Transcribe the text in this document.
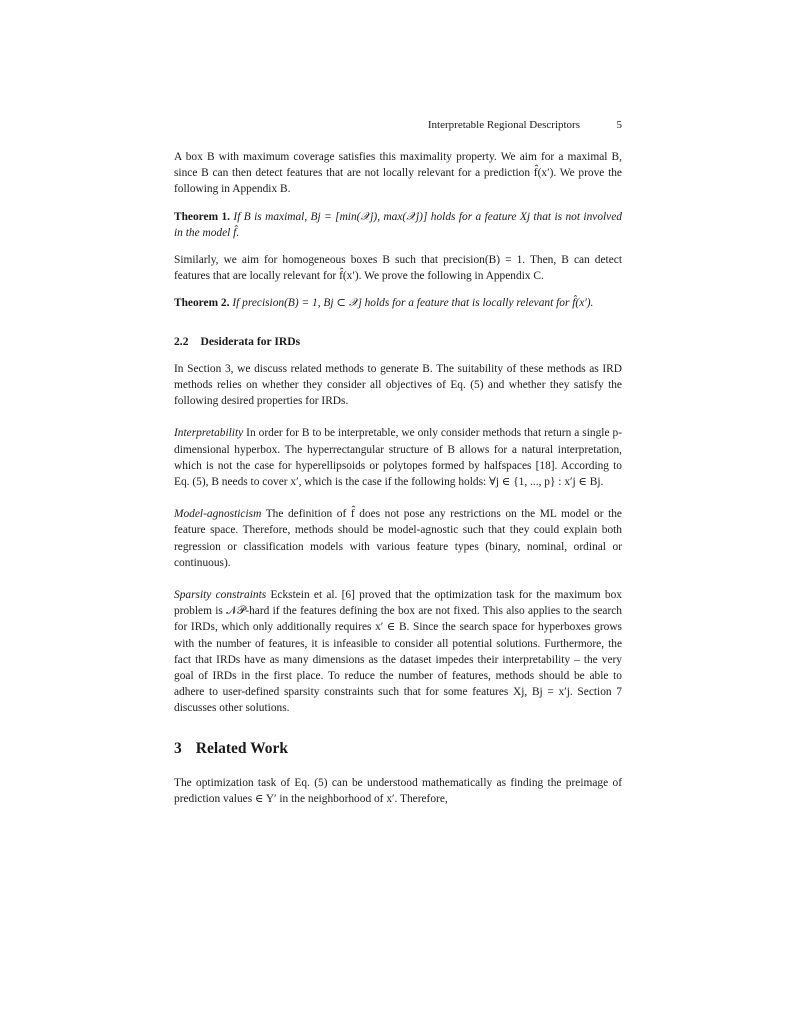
Interpretable Regional Descriptors	5

A box B with maximum coverage satisfies this maximality property. We aim for a maximal B, since B can then detect features that are not locally relevant for a prediction f̂(x′). We prove the following in Appendix B.

Theorem 1. If B is maximal, Bj = [min(𝒳j), max(𝒳j)] holds for a feature Xj that is not involved in the model f̂.

Similarly, we aim for homogeneous boxes B such that precision(B) = 1. Then, B can detect features that are locally relevant for f̂(x′). We prove the following in Appendix C.

Theorem 2. If precision(B) = 1, Bj ⊂ 𝒳j holds for a feature that is locally relevant for f̂(x′).

2.2 Desiderata for IRDs

In Section 3, we discuss related methods to generate B. The suitability of these methods as IRD methods relies on whether they consider all objectives of Eq. (5) and whether they satisfy the following desired properties for IRDs.

Interpretability In order for B to be interpretable, we only consider methods that return a single p-dimensional hyperbox. The hyperrectangular structure of B allows for a natural interpretation, which is not the case for hyperellipsoids or polytopes formed by halfspaces [18]. According to Eq. (5), B needs to cover x′, which is the case if the following holds: ∀j ∈ {1, ..., p} : x′j ∈ Bj.

Model-agnosticism The definition of f̂ does not pose any restrictions on the ML model or the feature space. Therefore, methods should be model-agnostic such that they could explain both regression or classification models with various feature types (binary, nominal, ordinal or continuous).

Sparsity constraints Eckstein et al. [6] proved that the optimization task for the maximum box problem is 𝒩𝒫-hard if the features defining the box are not fixed. This also applies to the search for IRDs, which only additionally requires x′ ∈ B. Since the search space for hyperboxes grows with the number of features, it is infeasible to consider all potential solutions. Furthermore, the fact that IRDs have as many dimensions as the dataset impedes their interpretability – the very goal of IRDs in the first place. To reduce the number of features, methods should be able to adhere to user-defined sparsity constraints such that for some features Xj, Bj = x′j. Section 7 discusses other solutions.

3 Related Work

The optimization task of Eq. (5) can be understood mathematically as finding the preimage of prediction values ∈ Y′ in the neighborhood of x′. Therefore,
